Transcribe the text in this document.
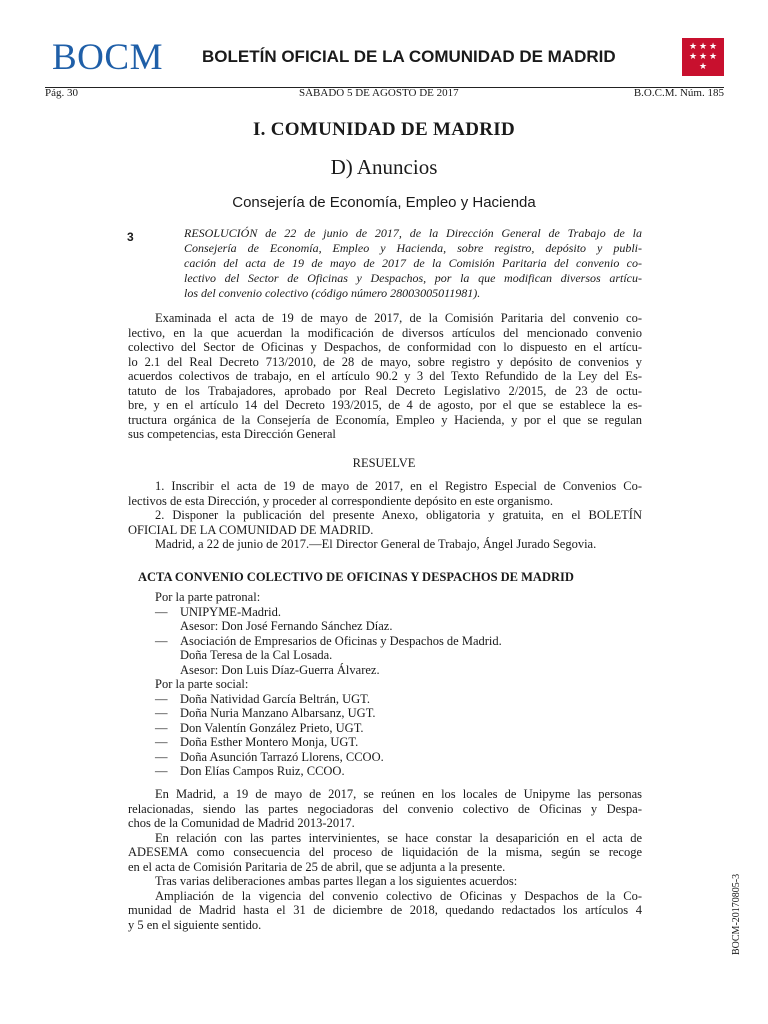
BOCM BOLETÍN OFICIAL DE LA COMUNIDAD DE MADRID	★ ★ ★
★ ★ ★
★
Pág. 30	SÁBADO 5 DE AGOSTO DE 2017	B.O.C.M. Núm. 185
I. COMUNIDAD DE MADRID
D) Anuncios
Consejería de Economía, Empleo y Hacienda
3	RESOLUCIÓN de 22 de junio de 2017, de la Dirección General de Trabajo de la
Consejería de Economía, Empleo y Hacienda, sobre registro, depósito y publi-
cación del acta de 19 de mayo de 2017 de la Comisión Paritaria del convenio co-
lectivo del Sector de Oficinas y Despachos, por la que modifican diversos artícu-
los del convenio colectivo (código número 28003005011981).
Examinada el acta de 19 de mayo de 2017, de la Comisión Paritaria del convenio co-
lectivo, en la que acuerdan la modificación de diversos artículos del mencionado convenio
colectivo del Sector de Oficinas y Despachos, de conformidad con lo dispuesto en el artícu-
lo 2.1 del Real Decreto 713/2010, de 28 de mayo, sobre registro y depósito de convenios y
acuerdos colectivos de trabajo, en el artículo 90.2 y 3 del Texto Refundido de la Ley del Es-
tatuto de los Trabajadores, aprobado por Real Decreto Legislativo 2/2015, de 23 de octu-
bre, y en el artículo 14 del Decreto 193/2015, de 4 de agosto, por el que se establece la es-
tructura orgánica de la Consejería de Economía, Empleo y Hacienda, y por el que se regulan
sus competencias, esta Dirección General
RESUELVE
1. Inscribir el acta de 19 de mayo de 2017, en el Registro Especial de Convenios Co-
lectivos de esta Dirección, y proceder al correspondiente depósito en este organismo.
2. Disponer la publicación del presente Anexo, obligatoria y gratuita, en el BOLETÍN
OFICIAL DE LA COMUNIDAD DE MADRID.
Madrid, a 22 de junio de 2017.—El Director General de Trabajo, Ángel Jurado Segovia.
ACTA CONVENIO COLECTIVO DE OFICINAS Y DESPACHOS DE MADRID
Por la parte patronal:
— UNIPYME-Madrid.
Asesor: Don José Fernando Sánchez Díaz.
— Asociación de Empresarios de Oficinas y Despachos de Madrid.
Doña Teresa de la Cal Losada.
Asesor: Don Luis Díaz-Guerra Álvarez.
Por la parte social:
— Doña Natividad García Beltrán, UGT.
— Doña Nuria Manzano Albarsanz, UGT.
— Don Valentín González Prieto, UGT.
— Doña Esther Montero Monja, UGT.
— Doña Asunción Tarrazó Llorens, CCOO.
— Don Elías Campos Ruiz, CCOO.
En Madrid, a 19 de mayo de 2017, se reúnen en los locales de Unipyme las personas
relacionadas, siendo las partes negociadoras del convenio colectivo de Oficinas y Despa-
chos de la Comunidad de Madrid 2013-2017.
En relación con las partes intervinientes, se hace constar la desaparición en el acta de
ADESEMA como consecuencia del proceso de liquidación de la misma, según se recoge
en el acta de Comisión Paritaria de 25 de abril, que se adjunta a la presente.
Tras varias deliberaciones ambas partes llegan a los siguientes acuerdos:
Ampliación de la vigencia del convenio colectivo de Oficinas y Despachos de la Co-
munidad de Madrid hasta el 31 de diciembre de 2018, quedando redactados los artículos 4
y 5 en el siguiente sentido.	BOCM-20170805-3
